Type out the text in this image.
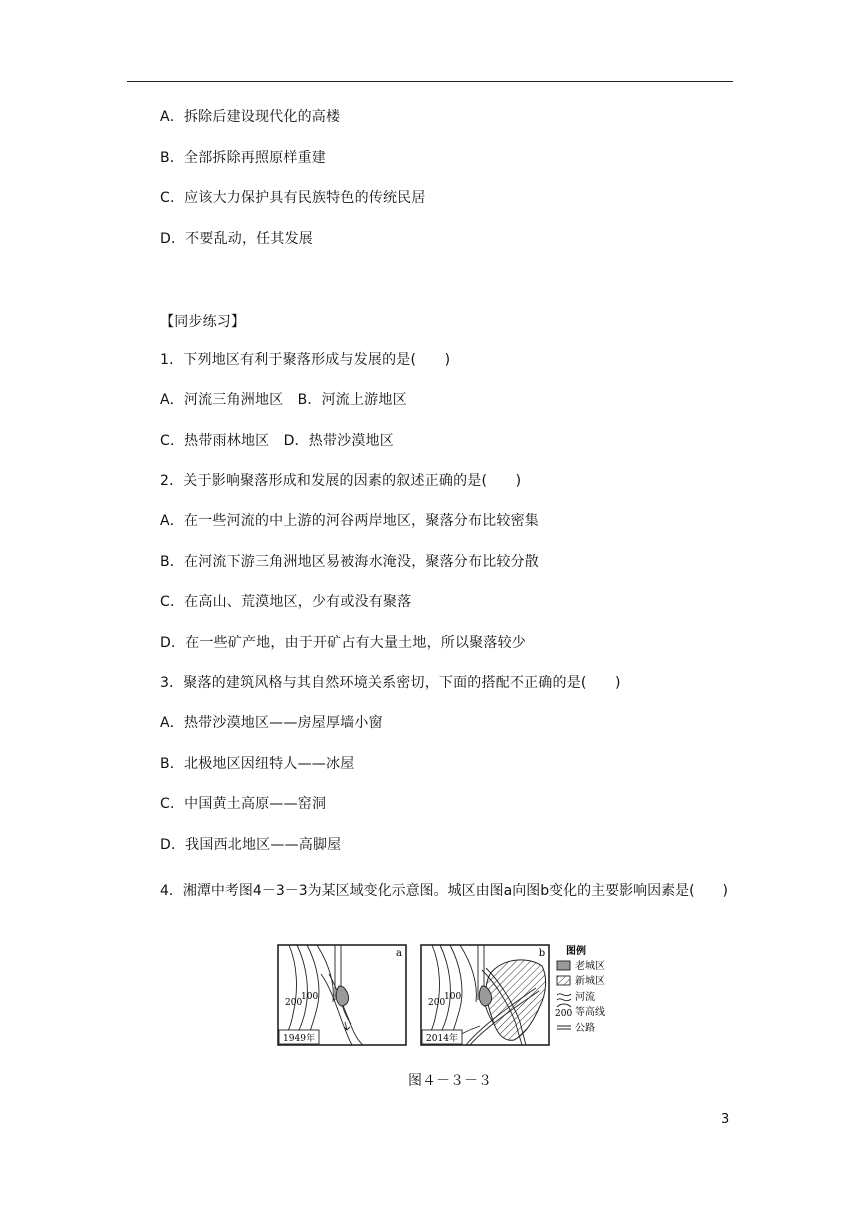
A．拆除后建设现代化的高楼
B．全部拆除再照原样重建
C．应该大力保护具有民族特色的传统民居
D．不要乱动，任其发展
【同步练习】
1．下列地区有利于聚落形成与发展的是(　　)
A．河流三角洲地区　B．河流上游地区
C．热带雨林地区　D．热带沙漠地区
2．关于影响聚落形成和发展的因素的叙述正确的是(　　)
A．在一些河流的中上游的河谷两岸地区，聚落分布比较密集
B．在河流下游三角洲地区易被海水淹没，聚落分布比较分散
C．在高山、荒漠地区，少有或没有聚落
D．在一些矿产地，由于开矿占有大量土地，所以聚落较少
3．聚落的建筑风格与其自然环境关系密切，下面的搭配不正确的是(　　)
A．热带沙漠地区——房屋厚墙小窗
B．北极地区因纽特人——冰屋
C．中国黄土高原——窑洞
D．我国西北地区——高脚屋
4．湘潭中考图4－3－3为某区域变化示意图。城区由图a向图b变化的主要影响因素是(　　)
1949年
200
100
a
200
100
2014年
b 图例
老城区
新城区
河流
200 等高线
公路
图４－３－３
3
